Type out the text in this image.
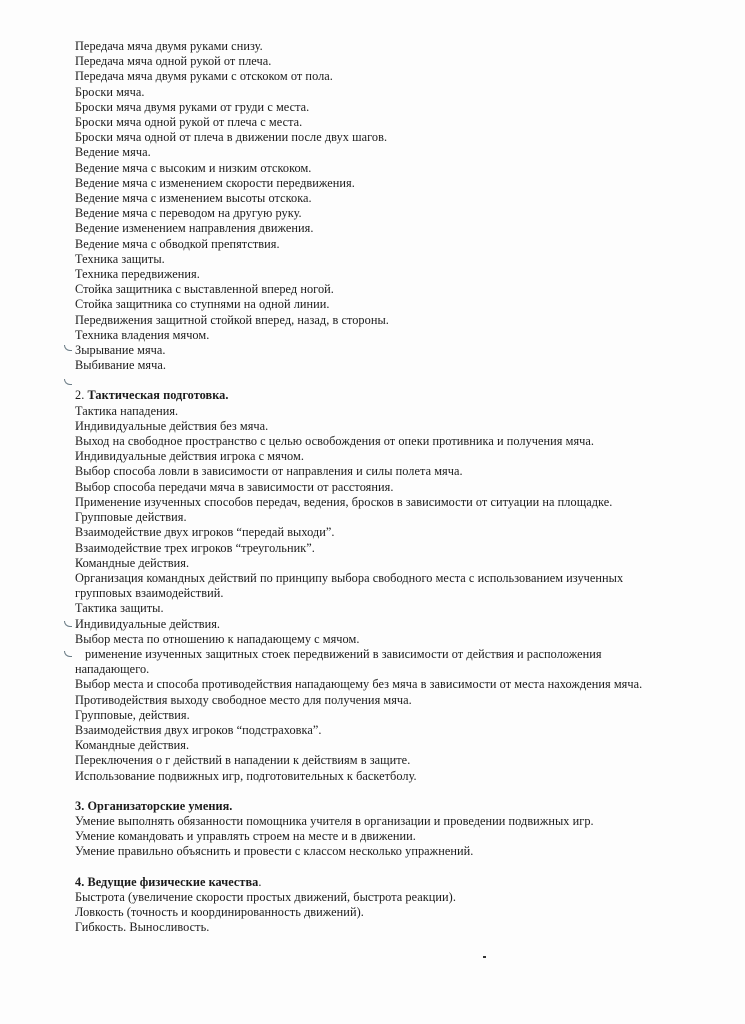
Передача мяча двумя руками снизу.
Передача мяча одной рукой от плеча.
Передача мяча двумя руками с отскоком от пола.
Броски мяча.
Броски мяча двумя руками от груди с места.
Броски мяча одной рукой от плеча с места.
Броски мяча одной от плеча в движении после двух шагов.
Ведение мяча.
Ведение мяча с высоким и низким отскоком.
Ведение мяча с изменением скорости передвижения.
Ведение мяча с изменением высоты отскока.
Ведение мяча с переводом на другую руку.
Ведение изменением направления движения.
Ведение мяча с обводкой препятствия.
Техника защиты.
Техника передвижения.
Стойка защитника с выставленной вперед ногой.
Стойка защитника со ступнями на одной линии.
Передвижения защитной стойкой вперед, назад, в стороны.
Техника владения мячом.
Зырывание мяча.
Выбивание мяча.
2. Тактическая подготовка.
Тактика нападения.
Индивидуальные действия без мяча.
Выход на свободное пространство с целью освобождения от опеки противника и получения мяча.
Индивидуальные действия игрока с мячом.
Выбор способа ловли в зависимости от направления и силы полета мяча.
Выбор способа передачи мяча в зависимости от расстояния.
Применение изученных способов передач, ведения, бросков в зависимости от ситуации на площадке.
Групповые действия.
Взаимодействие двух игроков “передай выходи”.
Взаимодействие трех игроков “треугольник”.
Командные действия.
Организация командных действий по принципу выбора свободного места с использованием изученных
групповых взаимодействий.
Тактика защиты.
Индивидуальные действия.
Выбор места по отношению к нападающему с мячом.
рименение изученных защитных стоек передвижений в зависимости от действия и расположения
нападающего.
Выбор места и способа противодействия нападающему без мяча в зависимости от места нахождения мяча.
Противодействия выходу свободное место для получения мяча.
Групповые, действия.
Взаимодействия двух игроков “подстраховка”.
Командные действия.
Переключения о г действий в нападении к действиям в защите.
Использование подвижных игр, подготовительных к баскетболу.
3. Организаторские умения.
Умение выполнять обязанности помощника учителя в организации и проведении подвижных игр.
Умение командовать и управлять строем на месте и в движении.
Умение правильно объяснить и провести с классом несколько упражнений.
4. Ведущие физические качества.
Быстрота (увеличение скорости простых движений, быстрота реакции).
Ловкость (точность и координированность движений).
Гибкость. Выносливость.
